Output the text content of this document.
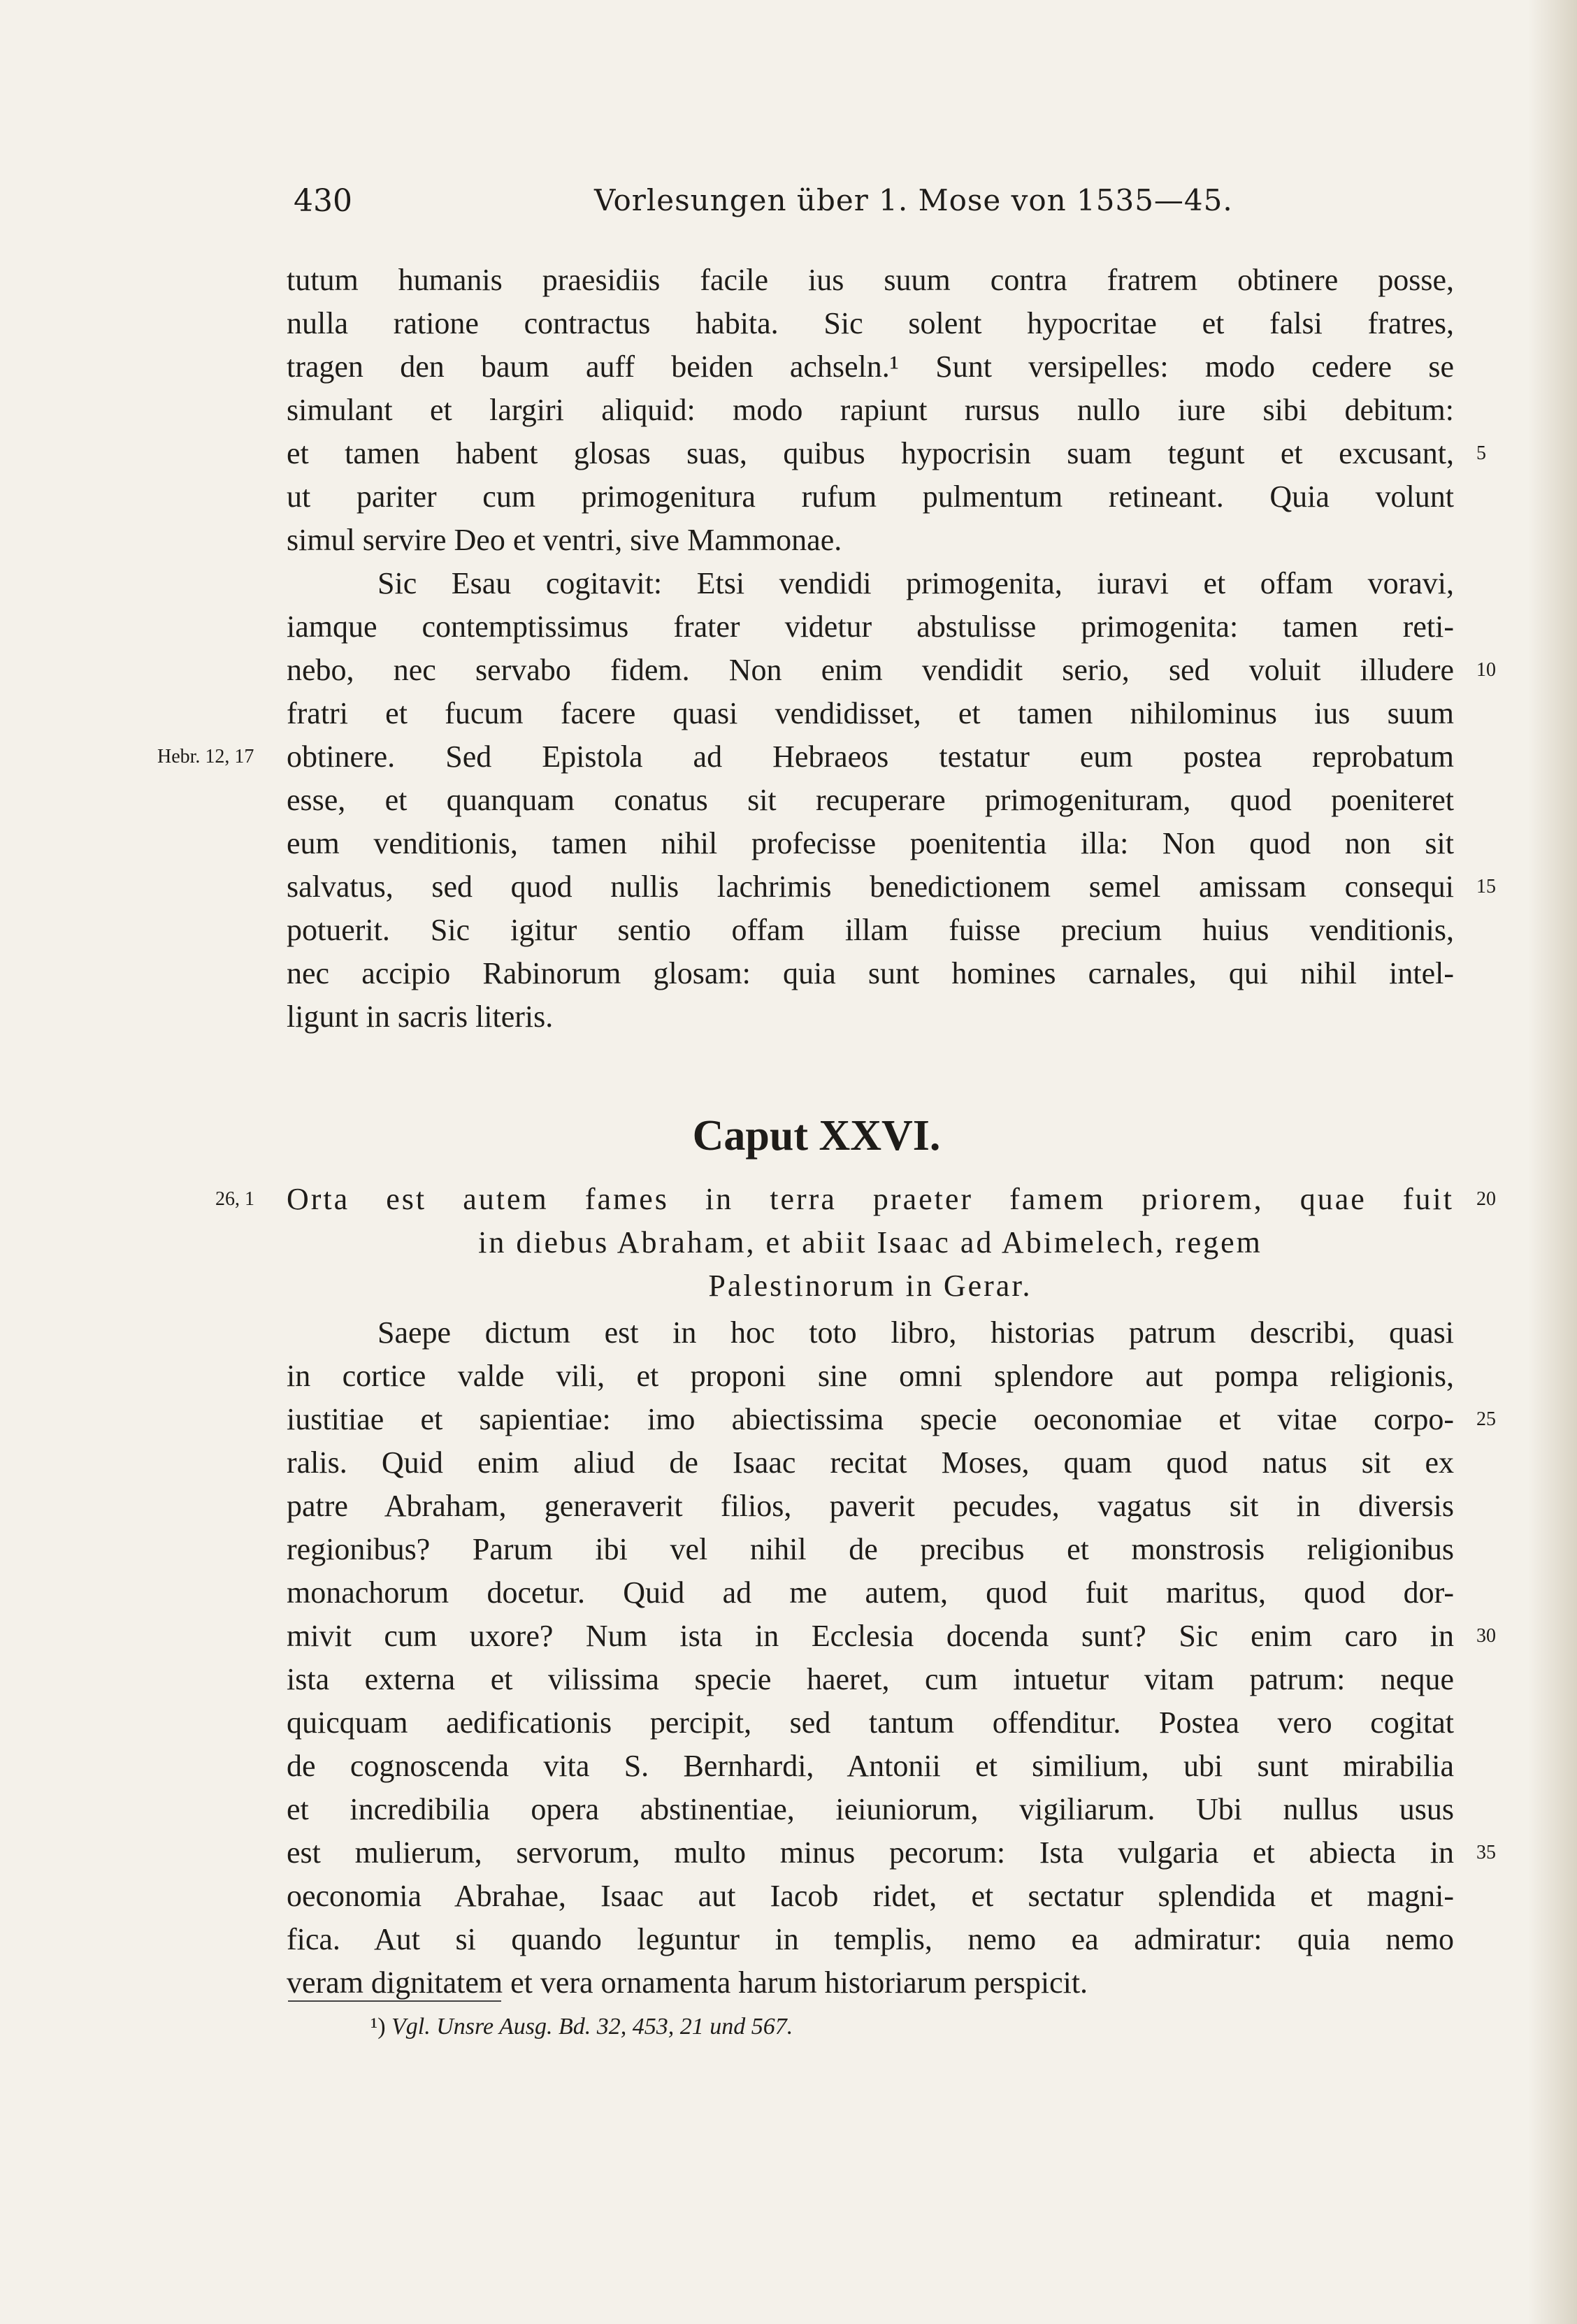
430	Vorlesungen über 1. Mose von 1535—45.
tutum humanis praesidiis facile ius suum contra fratrem obtinere posse,
nulla ratione contractus habita. Sic solent hypocritae et falsi fratres,
tragen den baum auff beiden achseln.¹ Sunt versipelles: modo cedere se
simulant et largiri aliquid: modo rapiunt rursus nullo iure sibi debitum:
et tamen habent glosas suas, quibus hypocrisin suam tegunt et excusant,
ut pariter cum primogenitura rufum pulmentum retineant. Quia volunt
simul servire Deo et ventri, sive Mammonae.
Sic Esau cogitavit: Etsi vendidi primogenita, iuravi et offam voravi,
iamque contemptissimus frater videtur abstulisse primogenita: tamen reti-
nebo, nec servabo fidem. Non enim vendidit serio, sed voluit illudere
fratri et fucum facere quasi vendidisset, et tamen nihilominus ius suum
obtinere. Sed Epistola ad Hebraeos testatur eum postea reprobatum
esse, et quanquam conatus sit recuperare primogenituram, quod poeniteret
eum venditionis, tamen nihil profecisse poenitentia illa: Non quod non sit
salvatus, sed quod nullis lachrimis benedictionem semel amissam consequi
potuerit. Sic igitur sentio offam illam fuisse precium huius venditionis,
nec accipio Rabinorum glosam: quia sunt homines carnales, qui nihil intel-
ligunt in sacris literis.
Hebr. 12, 17
26, 1
5
10
15
20
25
30
35
Caput XXVI.
Orta est autem fames in terra praeter famem priorem, quae fuit
in diebus Abraham, et abiit Isaac ad Abimelech, regem
Palestinorum in Gerar.
Saepe dictum est in hoc toto libro, historias patrum describi, quasi
in cortice valde vili, et proponi sine omni splendore aut pompa religionis,
iustitiae et sapientiae: imo abiectissima specie oeconomiae et vitae corpo-
ralis. Quid enim aliud de Isaac recitat Moses, quam quod natus sit ex
patre Abraham, generaverit filios, paverit pecudes, vagatus sit in diversis
regionibus? Parum ibi vel nihil de precibus et monstrosis religionibus
monachorum docetur. Quid ad me autem, quod fuit maritus, quod dor-
mivit cum uxore? Num ista in Ecclesia docenda sunt? Sic enim caro in
ista externa et vilissima specie haeret, cum intuetur vitam patrum: neque
quicquam aedificationis percipit, sed tantum offenditur. Postea vero cogitat
de cognoscenda vita S. Bernhardi, Antonii et similium, ubi sunt mirabilia
et incredibilia opera abstinentiae, ieiuniorum, vigiliarum. Ubi nullus usus
est mulierum, servorum, multo minus pecorum: Ista vulgaria et abiecta in
oeconomia Abrahae, Isaac aut Iacob ridet, et sectatur splendida et magni-
fica. Aut si quando leguntur in templis, nemo ea admiratur: quia nemo
veram dignitatem et vera ornamenta harum historiarum perspicit.
¹) Vgl. Unsre Ausg. Bd. 32, 453, 21 und 567.
